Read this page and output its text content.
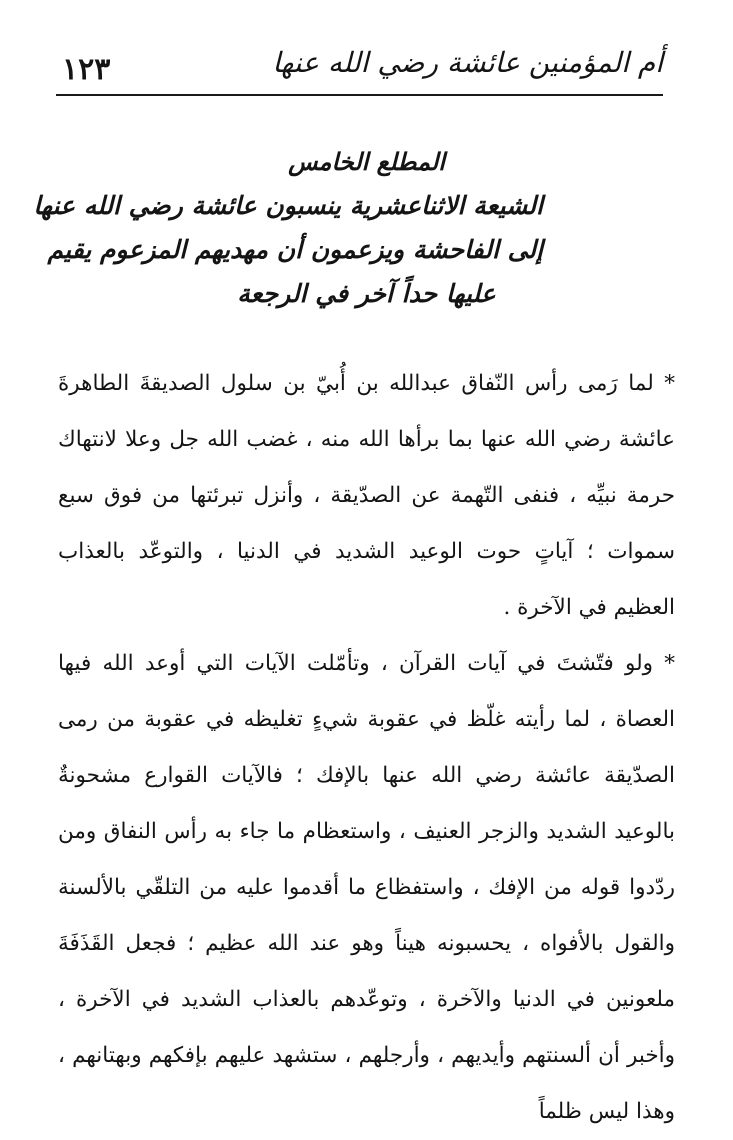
١٢٣	أم المؤمنين عائشة رضي الله عنها
المطلع الخامس
الشيعة الاثناعشرية ينسبون عائشة رضي الله عنها
إلى الفاحشة ويزعمون أن مهديهم المزعوم يقيم
عليها حداً آخر في الرجعة

* لما رَمى رأس النّفاق عبدالله بن أُبيّ بن سلول الصديقةَ الطاهرةَ عائشة رضي الله عنها بما برأها الله منه ، غضب الله جل وعلا لانتهاك حرمة نبيِّه ، فنفى التّهمة عن الصدّيقة ، وأنزل تبرئتها من فوق سبع سموات ؛ آياتٍ حوت الوعيد الشديد في الدنيا ، والتوعّد بالعذاب العظيم في الآخرة .

* ولو فتّشتَ في آيات القرآن ، وتأمّلت الآيات التي أوعد الله فيها العصاة ، لما رأيته غلّظ في عقوبة شيءٍ تغليظه في عقوبة من رمى الصدّيقة عائشة رضي الله عنها بالإفك ؛ فالآيات القوارع مشحونةٌ بالوعيد الشديد والزجر العنيف ، واستعظام ما جاء به رأس النفاق ومن ردّدوا قوله من الإفك ، واستفظاع ما أقدموا عليه من التلقّي بالألسنة والقول بالأفواه ، يحسبونه هيناً وهو عند الله عظيم ؛ فجعل القَذَفَةَ ملعونين في الدنيا والآخرة ، وتوعّدهم بالعذاب الشديد في الآخرة ، وأخبر أن ألسنتهم وأيديهم ، وأرجلهم ، ستشهد عليهم بإفكهم وبهتانهم ، وهذا ليس ظلماً
